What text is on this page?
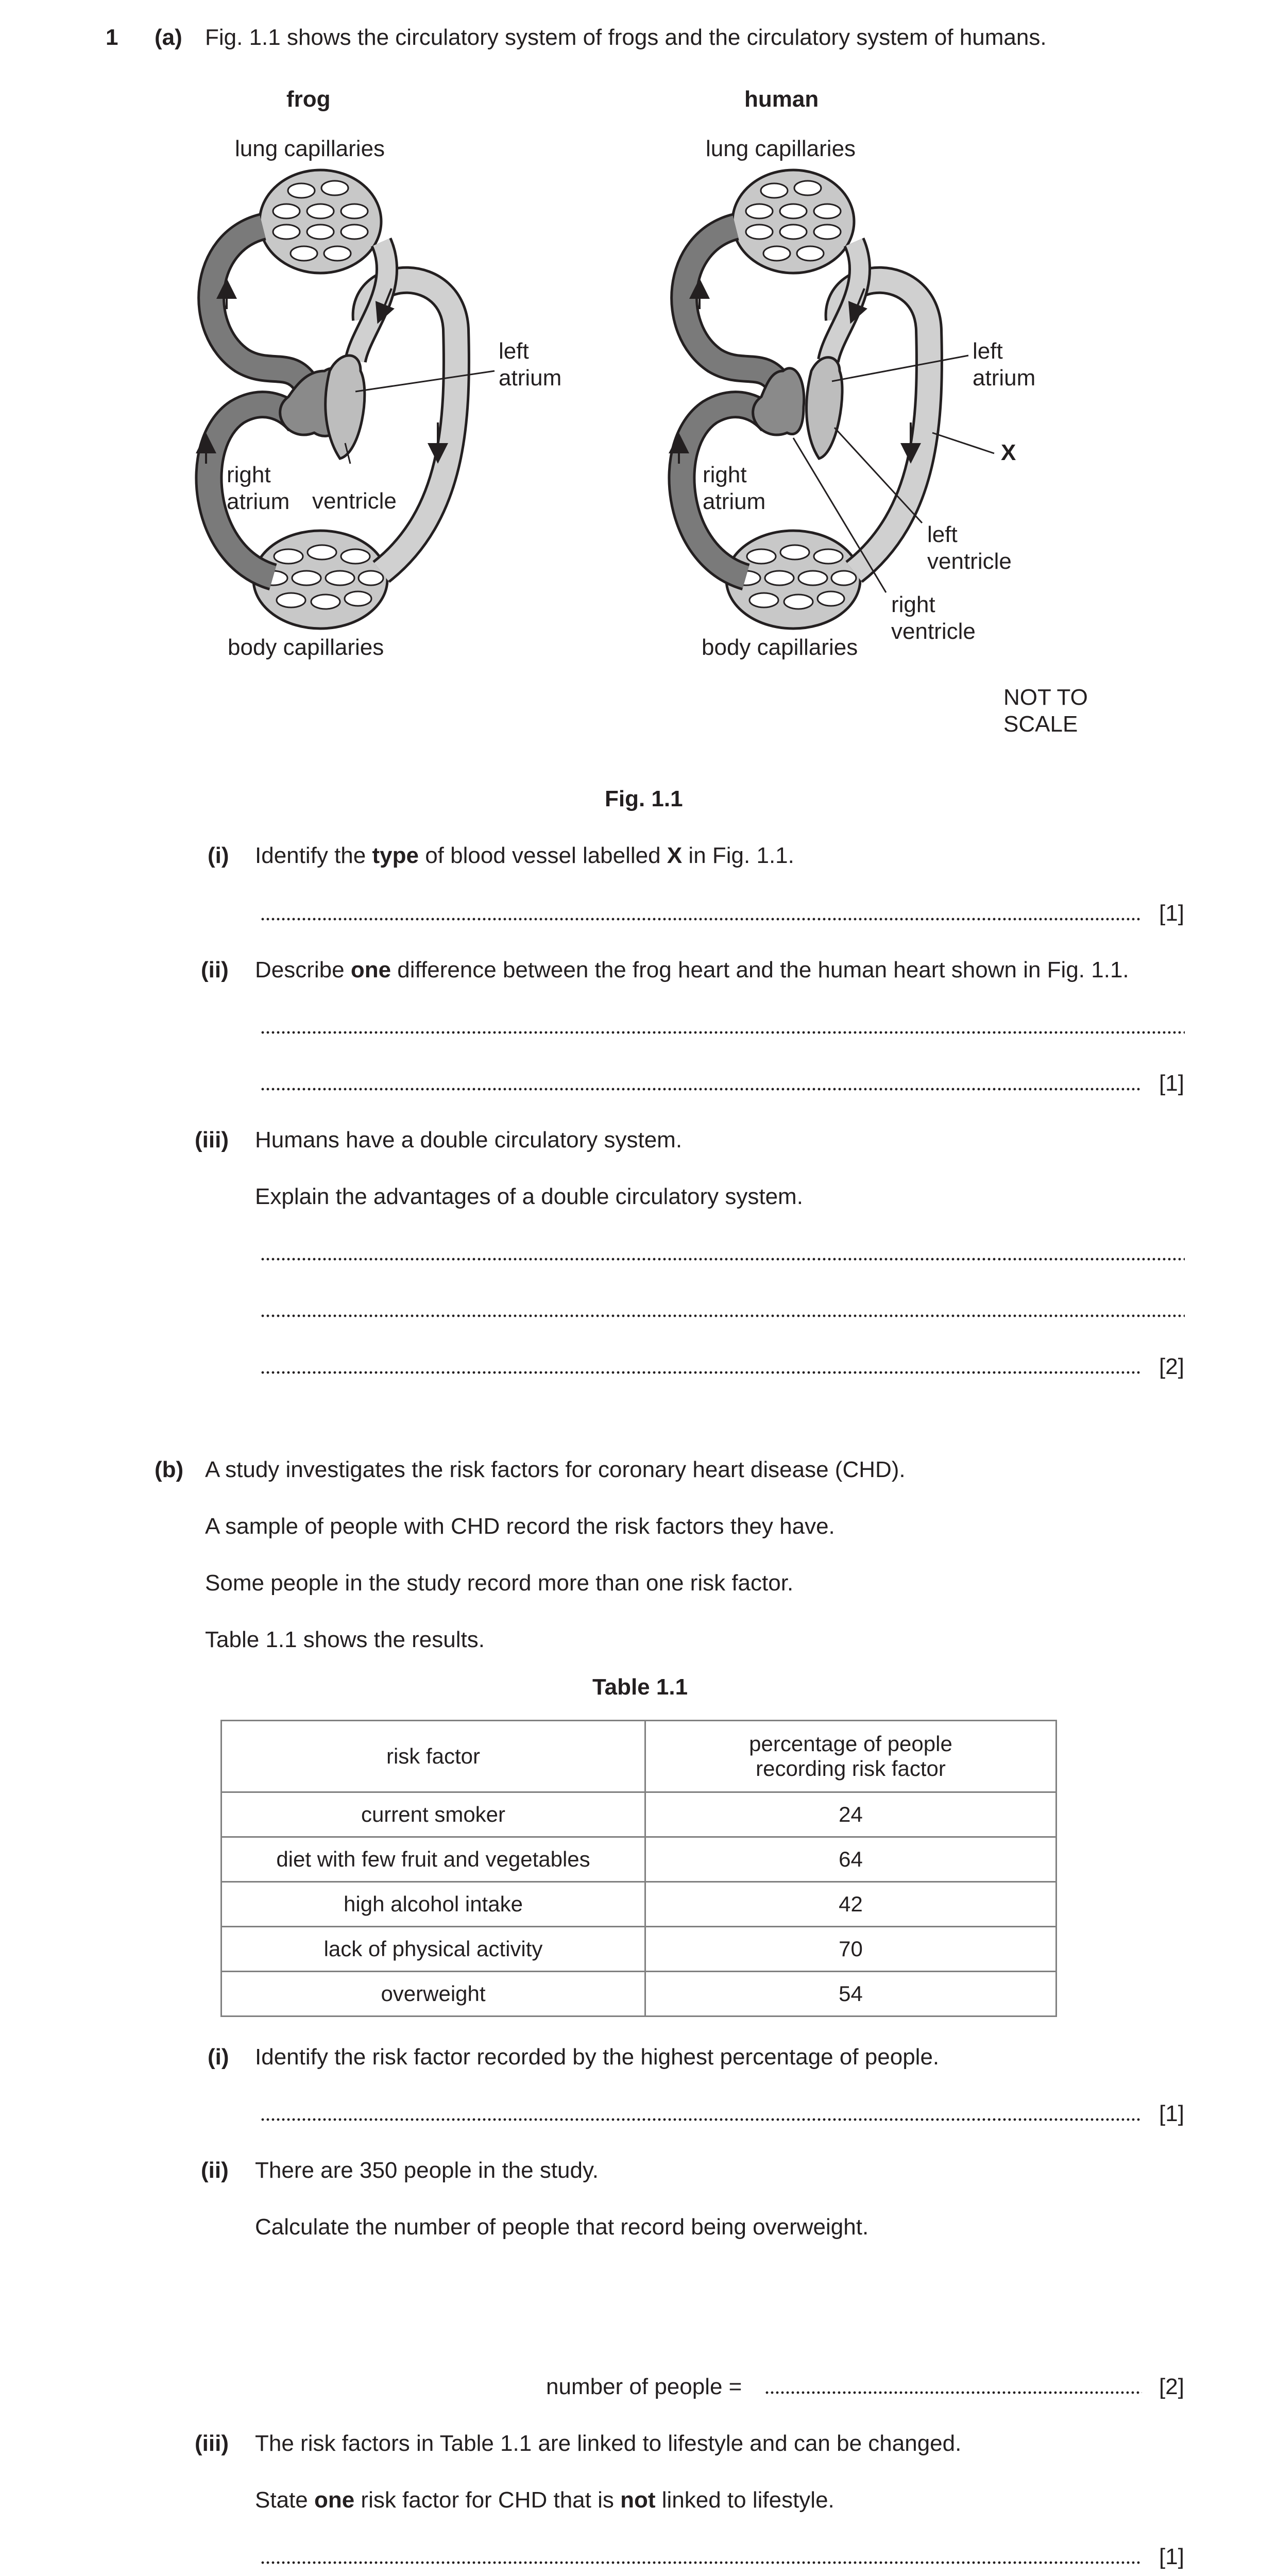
1 (a) Fig. 1.1 shows the circulatory system of frogs and the circulatory system of humans.
frog	human
lung capillaries	lung capillaries
left
atrium
right
atrium ventricle
body capillaries
left
atrium
X
right
atrium
left
ventricle
right
ventricle
body capillaries
NOT TO
SCALE
Fig. 1.1
(i) Identify the type of blood vessel labelled X in Fig. 1.1.
[1]
(ii) Describe one difference between the frog heart and the human heart shown in Fig. 1.1.
[1]
(iii) Humans have a double circulatory system.
Explain the advantages of a double circulatory system.
[2]
(b) A study investigates the risk factors for coronary heart disease (CHD).
A sample of people with CHD record the risk factors they have.
Some people in the study record more than one risk factor.
Table 1.1 shows the results.
Table 1.1
risk factor	percentage of people
recording risk factor

current smoker	24
diet with few fruit and vegetables	64
high alcohol intake	42
lack of physical activity	70
overweight	54
(i) Identify the risk factor recorded by the highest percentage of people.
[1]
(ii) There are 350 people in the study.
Calculate the number of people that record being overweight.
number of people =	[2]
(iii) The risk factors in Table 1.1 are linked to lifestyle and can be changed.
State one risk factor for CHD that is not linked to lifestyle.
[1]
